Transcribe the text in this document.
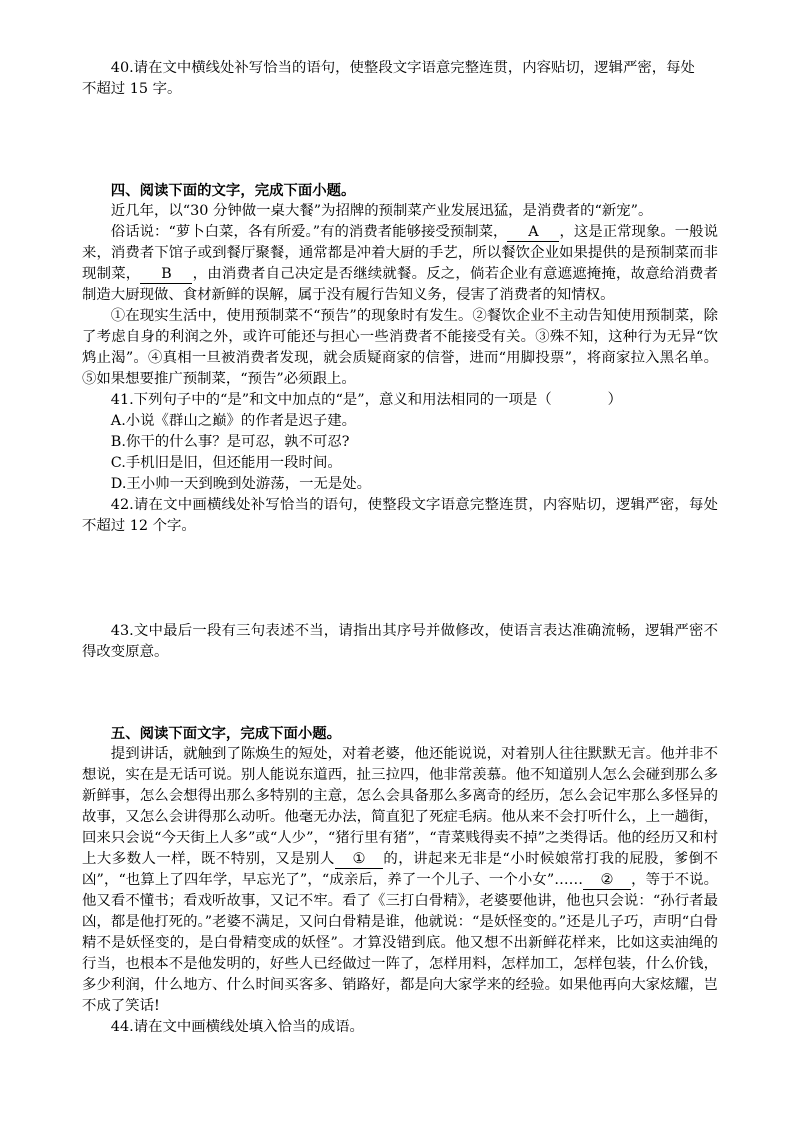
40.请在文中横线处补写恰当的语句，使整段文字语意完整连贯，内容贴切，逻辑严密，每处

不超过 15 字。

四、阅读下面的文字，完成下面小题。

近几年，以“30 分钟做一桌大餐”为招牌的预制菜产业发展迅猛，是消费者的“新宠”。

俗话说：“萝卜白菜，各有所爱。”有的消费者能够接受预制菜， A ，这是正常现象。一般说来，消费者下馆子或到餐厅聚餐，通常都是冲着大厨的手艺，所以餐饮企业如果提供的是预制菜而非现制菜， B ，由消费者自己决定是否继续就餐。反之，倘若企业有意遮遮掩掩，故意给消费者制造大厨现做、食材新鲜的误解，属于没有履行告知义务，侵害了消费者的知情权。

①在现实生活中，使用预制菜不“预告”的现象时有发生。②餐饮企业不主动告知使用预制菜，除了考虑自身的利润之外，或许可能还与担心一些消费者不能接受有关。③殊不知，这种行为无异“饮鸩止渴”。④真相一旦被消费者发现，就会质疑商家的信誉，进而“用脚投票”，将商家拉入黑名单。⑤如果想要推广预制菜，“预告”必须跟上。

41.下列句子中的“是”和文中加点的“是”，意义和用法相同的一项是（	）

A.小说《群山之巅》的作者是迟子建。

B.你干的什么事？是可忍，孰不可忍?

C.手机旧是旧，但还能用一段时间。

D.王小帅一天到晚到处游荡，一无是处。

42.请在文中画横线处补写恰当的语句，使整段文字语意完整连贯，内容贴切，逻辑严密，每处不超过 12 个字。

43.文中最后一段有三句表述不当，请指出其序号并做修改，使语言表达准确流畅，逻辑严密不得改变原意。

五、阅读下面文字，完成下面小题。

提到讲话，就触到了陈焕生的短处，对着老婆，他还能说说，对着别人往往默默无言。他并非不想说，实在是无话可说。别人能说东道西，扯三拉四，他非常羡慕。他不知道别人怎么会碰到那么多新鲜事，怎么会想得出那么多特别的主意，怎么会具备那么多离奇的经历，怎么会记牢那么多怪异的故事，又怎么会讲得那么动听。他毫无办法，简直犯了死症毛病。他从来不会打听什么，上一趟街，回来只会说“今天街上人多”或“人少”，“猪行里有猪”，“青菜贱得卖不掉”之类得话。他的经历又和村上大多数人一样，既不特别，又是别人 ① 的，讲起来无非是“小时候娘常打我的屁股，爹倒不凶”，“也算上了四年学，早忘光了”，“成亲后，养了一个儿子、一个小女”…… ② ，等于不说。他又看不懂书；看戏听故事，又记不牢。看了《三打白骨精》，老婆要他讲，他也只会说：“孙行者最凶，都是他打死的。”老婆不满足，又问白骨精是谁，他就说：“是妖怪变的。”还是儿子巧，声明“白骨精不是妖怪变的，是白骨精变成的妖怪”。才算没错到底。他又想不出新鲜花样来，比如这卖油绳的行当，也根本不是他发明的，好些人已经做过一阵了，怎样用料，怎样加工，怎样包装，什么价钱，多少利润，什么地方、什么时间买客多、销路好，都是向大家学来的经验。如果他再向大家炫耀，岂不成了笑话!

44.请在文中画横线处填入恰当的成语。
